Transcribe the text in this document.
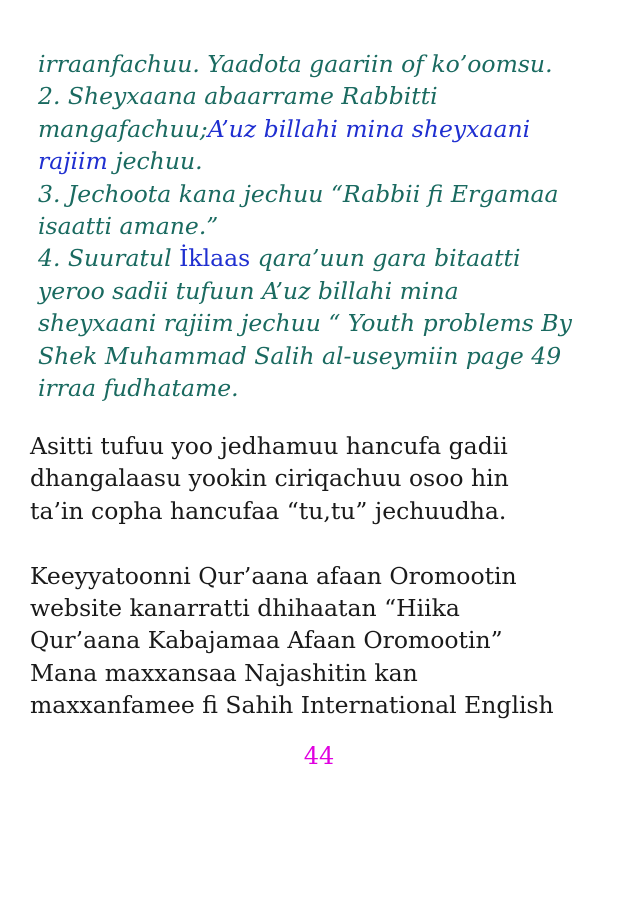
irraanfachuu. Yaadota gaariin of ko’oomsu.
2. Sheyxaana abaarrame Rabbitti
mangafachuu;A’uz billahi mina sheyxaani
rajiim jechuu.
3. Jechoota kana jechuu “Rabbii fi Ergamaa
isaatti amane.”
4. Suuratul İklaas qara’uun gara bitaatti
yeroo sadii tufuun A’uz billahi mina
sheyxaani rajiim jechuu “ Youth problems By
Shek Muhammad Salih al-useymiin page 49
irraa fudhatame.
Asitti tufuu yoo jedhamuu hancufa gadii
dhangalaasu yookin ciriqachuu osoo hin
ta’in copha hancufaa “tu,tu” jechuudha.
Keeyyatoonni Qur’aana afaan Oromootin
website kanarratti dhihaatan “Hiika
Qur’aana Kabajamaa Afaan Oromootin”
Mana maxxansaa Najashitin kan
maxxanfamee fi Sahih International English
44
